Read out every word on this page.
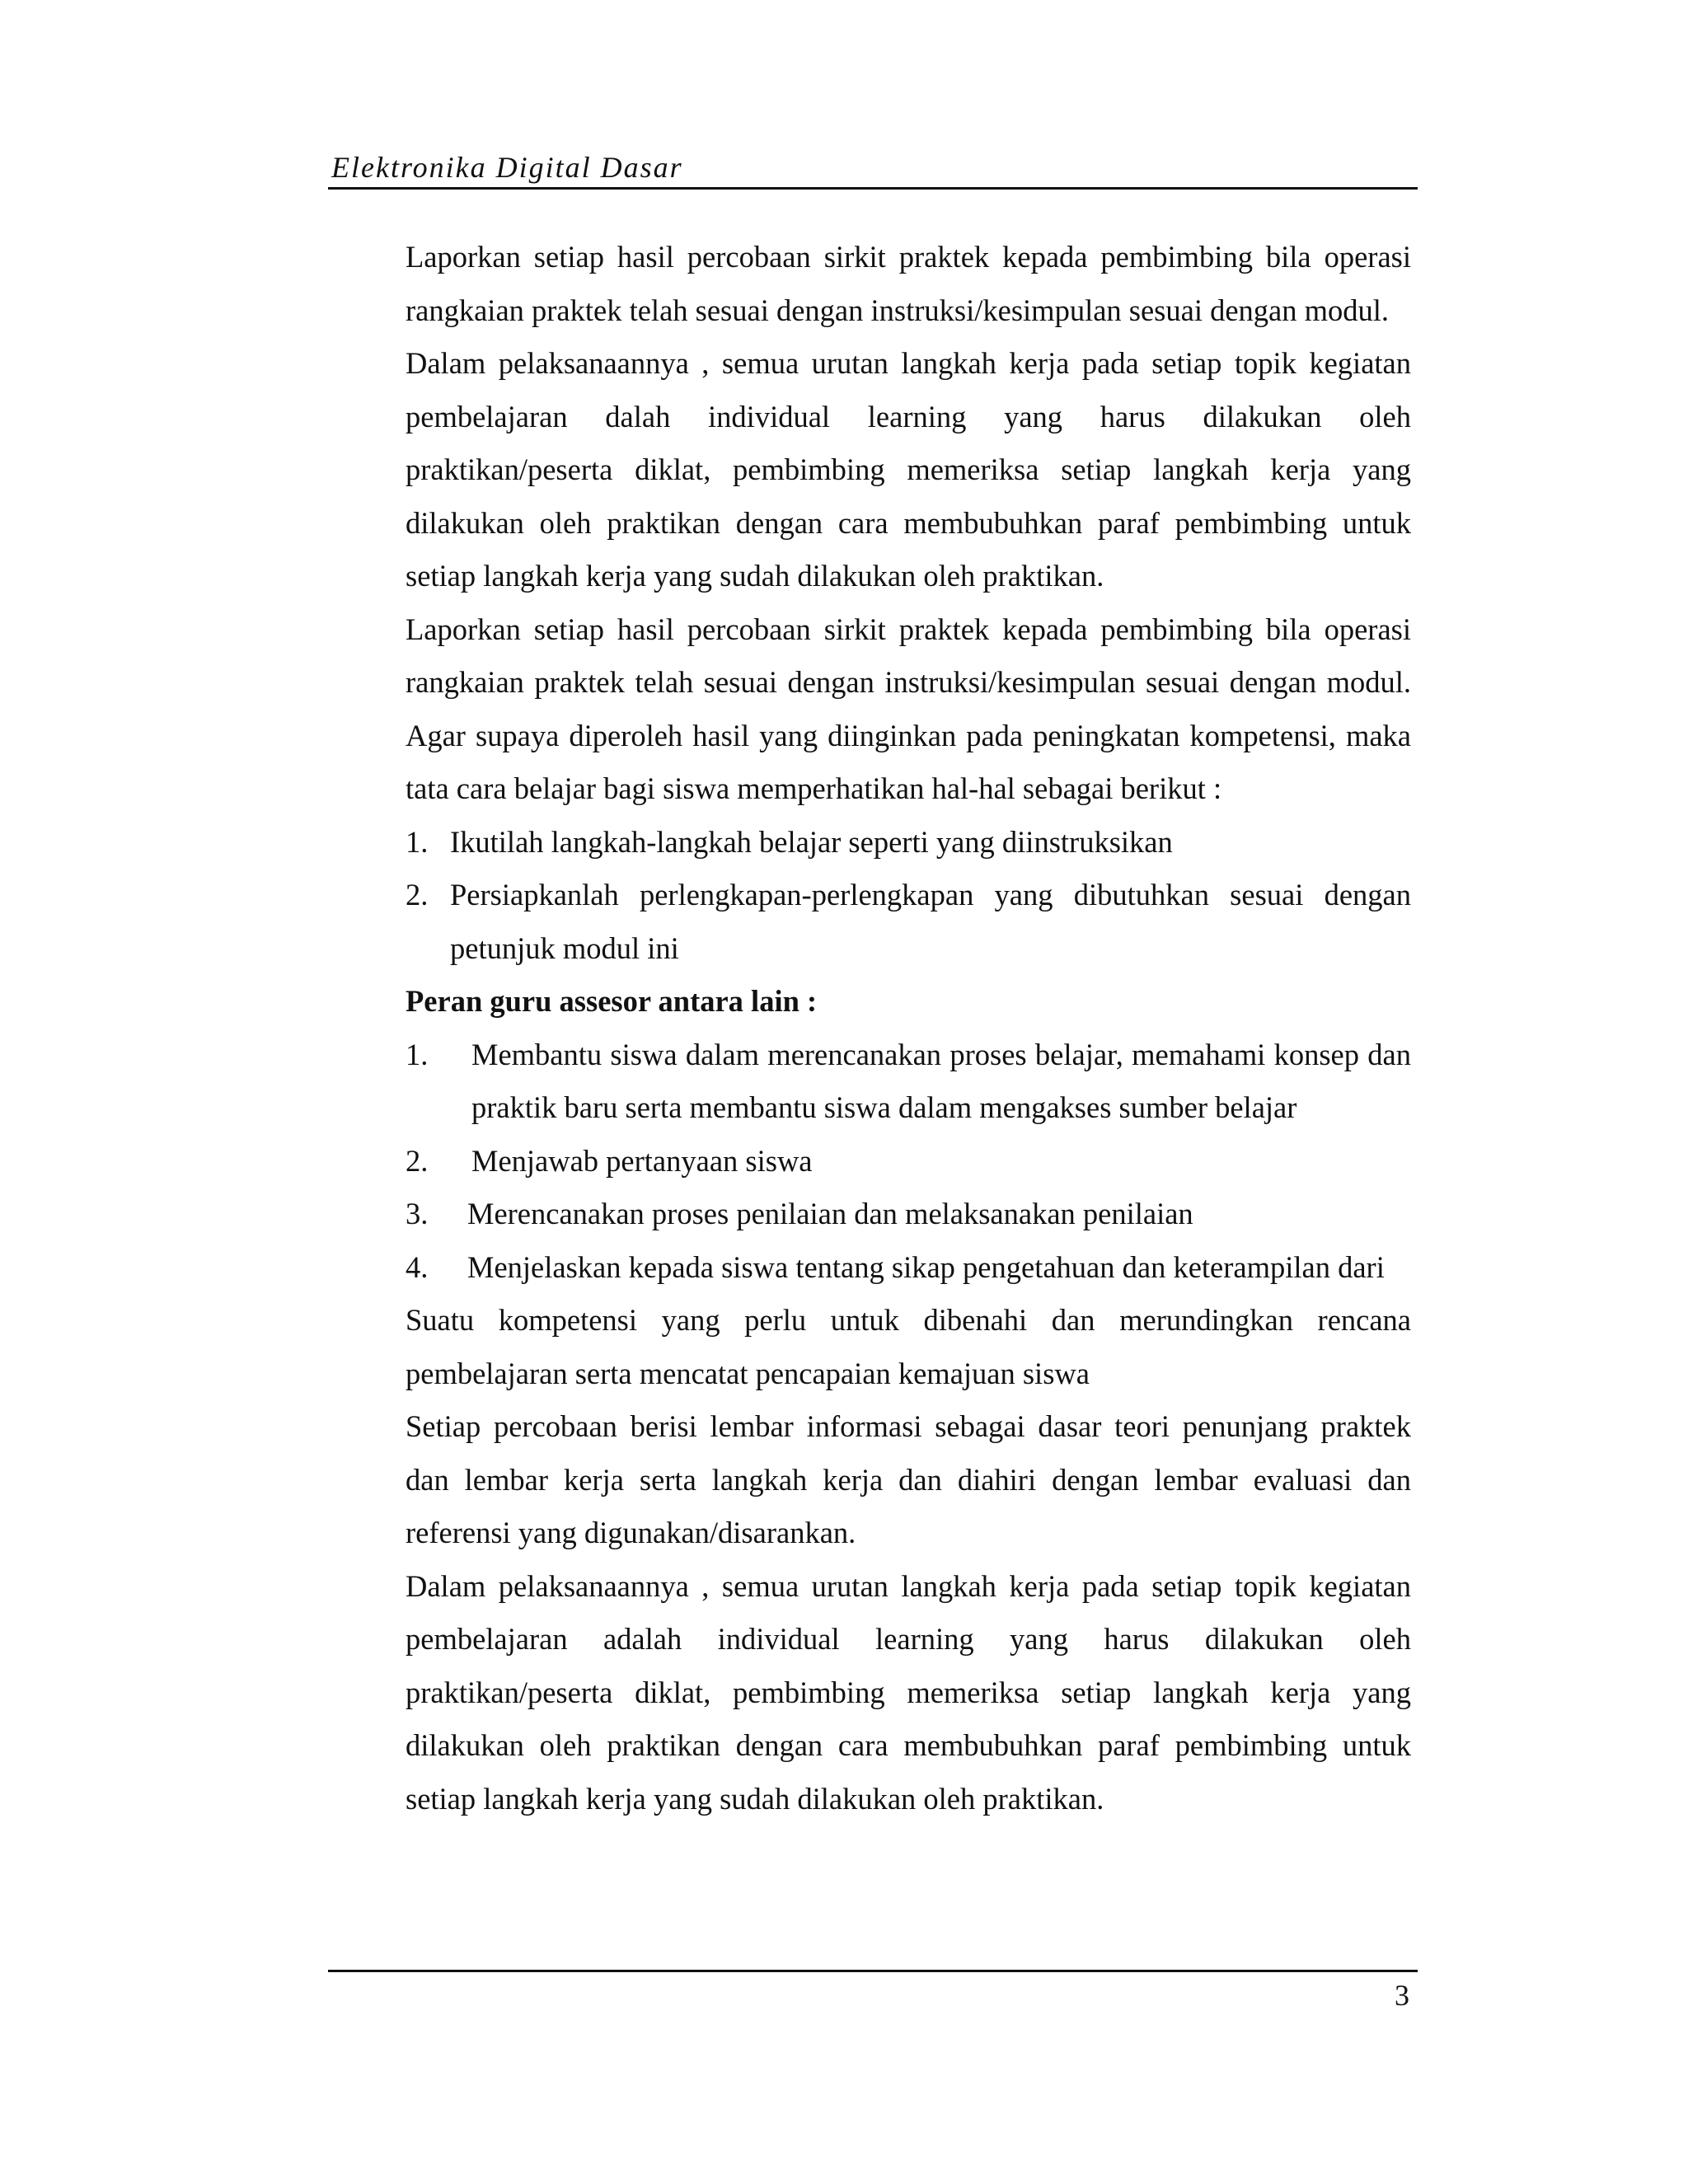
Elektronika Digital Dasar

Laporkan setiap hasil percobaan sirkit praktek kepada pembimbing bila operasi rangkaian praktek telah sesuai dengan instruksi/kesimpulan sesuai dengan modul.

Dalam pelaksanaannya , semua urutan langkah kerja pada setiap topik kegiatan pembelajaran dalah individual learning yang harus dilakukan oleh praktikan/peserta diklat, pembimbing memeriksa setiap langkah kerja yang dilakukan oleh praktikan dengan cara membubuhkan paraf pembimbing untuk setiap langkah kerja yang sudah dilakukan oleh praktikan.

Laporkan setiap hasil percobaan sirkit praktek kepada pembimbing bila operasi rangkaian praktek telah sesuai dengan instruksi/kesimpulan sesuai dengan modul. Agar supaya diperoleh hasil yang diinginkan pada peningkatan kompetensi, maka tata cara belajar bagi siswa memperhatikan hal-hal sebagai berikut :

1. Ikutilah langkah-langkah belajar seperti yang diinstruksikan
2. Persiapkanlah perlengkapan-perlengkapan yang dibutuhkan sesuai dengan petunjuk modul ini

Peran guru assesor antara lain :

1. Membantu siswa dalam merencanakan proses belajar, memahami konsep dan praktik baru serta membantu siswa dalam mengakses sumber belajar
2. Menjawab pertanyaan siswa
3. Merencanakan proses penilaian dan melaksanakan penilaian
4. Menjelaskan kepada siswa tentang sikap pengetahuan dan keterampilan dari

Suatu kompetensi yang perlu untuk dibenahi dan merundingkan rencana pembelajaran serta mencatat pencapaian kemajuan siswa

Setiap percobaan berisi lembar informasi sebagai dasar teori penunjang praktek dan lembar kerja serta langkah kerja dan diahiri dengan lembar evaluasi dan referensi yang digunakan/disarankan.

Dalam pelaksanaannya , semua urutan langkah kerja pada setiap topik kegiatan pembelajaran adalah individual learning yang harus dilakukan oleh praktikan/peserta diklat, pembimbing memeriksa setiap langkah kerja yang dilakukan oleh praktikan dengan cara membubuhkan paraf pembimbing untuk setiap langkah kerja yang sudah dilakukan oleh praktikan.

3
